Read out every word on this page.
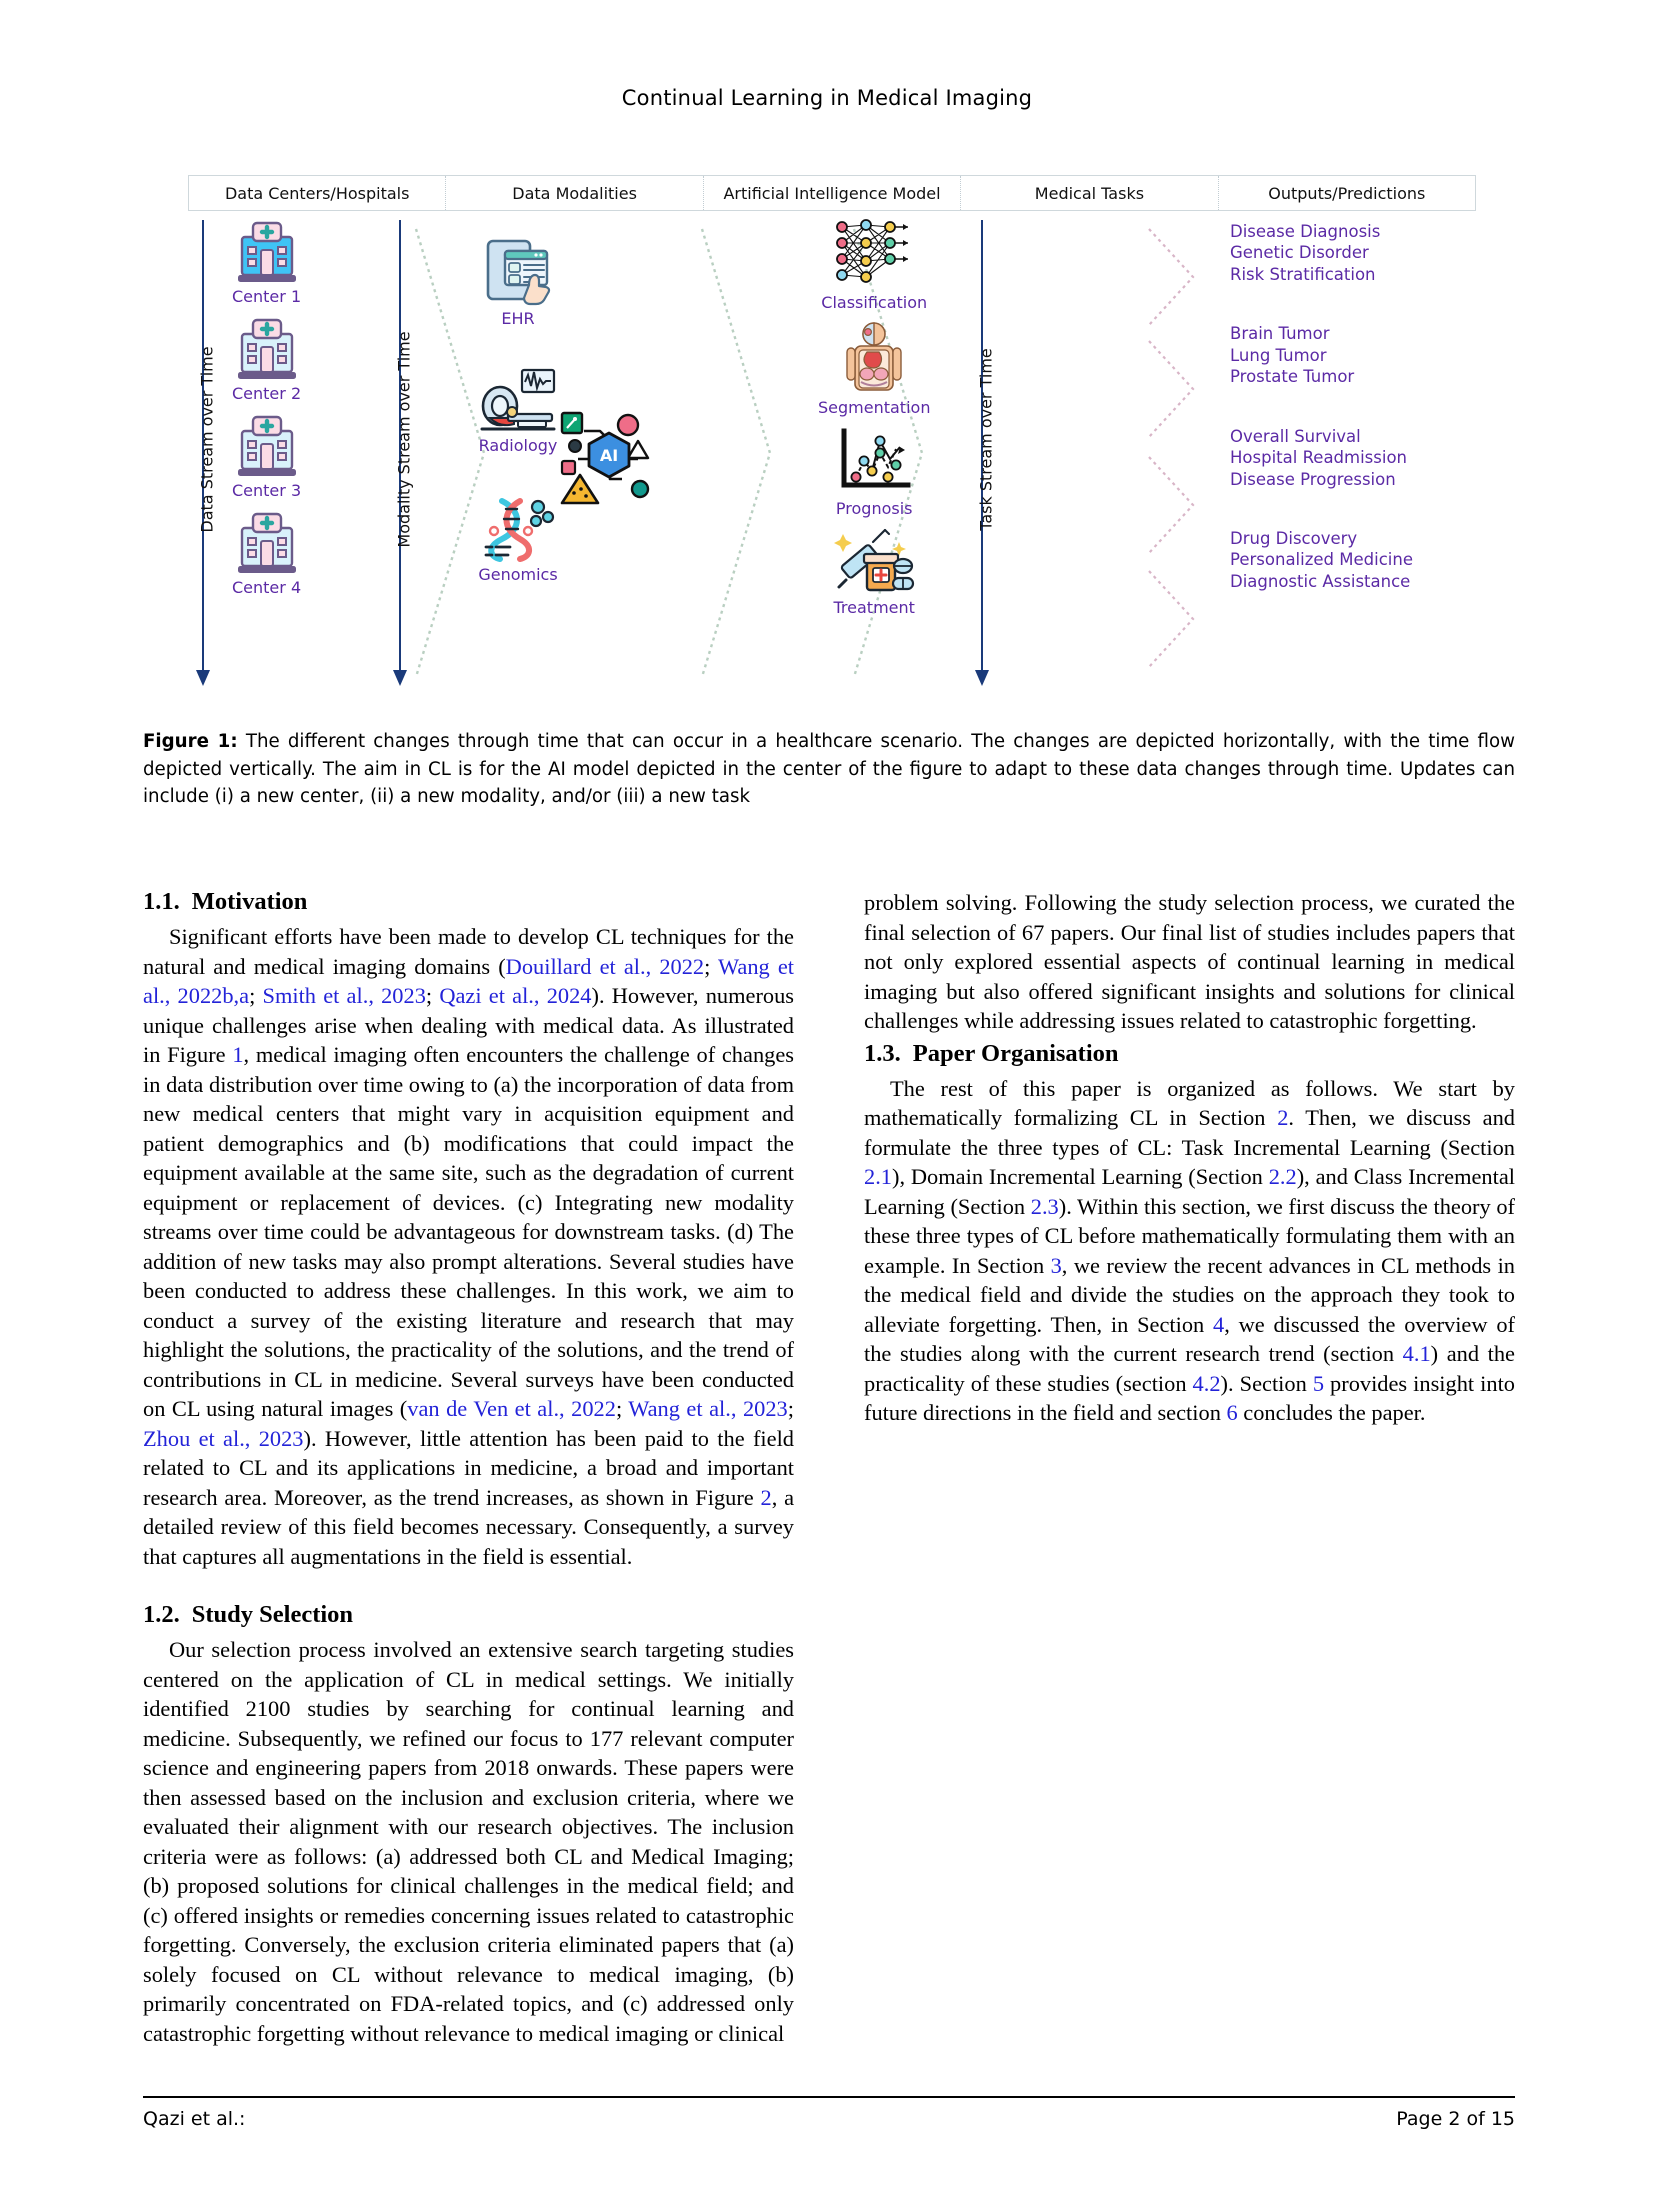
Continual Learning in Medical Imaging
Data Centers/Hospitals	Data Modalities	Artificial Intelligence Model	Medical Tasks	Outputs/Predictions
Data Stream over Time
Center 1
Center 2
Center 3
Center 4
Modality Stream over Time
EHR
Radiology
Genomics
AI	Task Stream over Time
Classification
Segmentation
Prognosis
Treatment
Disease Diagnosis
Genetic Disorder
Risk Stratification
Brain Tumor
Lung Tumor
Prostate Tumor
Overall Survival
Hospital Readmission
Disease Progression
Drug Discovery
Personalized Medicine
Diagnostic Assistance
Figure 1: The different changes through time that can occur in a healthcare scenario. The changes are depicted horizontally, with the time flow depicted vertically. The aim in CL is for the AI model depicted in the center of the figure to adapt to these data changes through time. Updates can include (i) a new center, (ii) a new modality, and/or (iii) a new task
1.1. Motivation

Significant efforts have been made to develop CL techniques for the natural and medical imaging domains (Douillard et al., 2022; Wang et al., 2022b,a; Smith et al., 2023; Qazi et al., 2024). However, numerous unique challenges arise when dealing with medical data. As illustrated in Figure 1, medical imaging often encounters the challenge of changes in data distribution over time owing to (a) the incorporation of data from new medical centers that might vary in acquisition equipment and patient demographics and (b) modifications that could impact the equipment available at the same site, such as the degradation of current equipment or replacement of devices. (c) Integrating new modality streams over time could be advantageous for downstream tasks. (d) The addition of new tasks may also prompt alterations. Several studies have been conducted to address these challenges. In this work, we aim to conduct a survey of the existing literature and research that may highlight the solutions, the practicality of the solutions, and the trend of contributions in CL in medicine. Several surveys have been conducted on CL using natural images (van de Ven et al., 2022; Wang et al., 2023; Zhou et al., 2023). However, little attention has been paid to the field related to CL and its applications in medicine, a broad and important research area. Moreover, as the trend increases, as shown in Figure 2, a detailed review of this field becomes necessary. Consequently, a survey that captures all augmentations in the field is essential.

1.2. Study Selection

Our selection process involved an extensive search targeting studies centered on the application of CL in medical settings. We initially identified 2100 studies by searching for continual learning and medicine. Subsequently, we refined our focus to 177 relevant computer science and engineering papers from 2018 onwards. These papers were then assessed based on the inclusion and exclusion criteria, where we evaluated their alignment with our research objectives. The inclusion criteria were as follows: (a) addressed both CL and Medical Imaging; (b) proposed solutions for clinical challenges in the medical field; and (c) offered insights or remedies concerning issues related to catastrophic forgetting. Conversely, the exclusion criteria eliminated papers that (a) solely focused on CL without relevance to medical imaging, (b) primarily concentrated on FDA-related topics, and (c) addressed only catastrophic forgetting without relevance to medical imaging or clinical

problem solving. Following the study selection process, we curated the final selection of 67 papers. Our final list of studies includes papers that not only explored essential aspects of continual learning in medical imaging but also offered significant insights and solutions for clinical challenges while addressing issues related to catastrophic forgetting.

1.3. Paper Organisation

The rest of this paper is organized as follows. We start by mathematically formalizing CL in Section 2. Then, we discuss and formulate the three types of CL: Task Incremental Learning (Section 2.1), Domain Incremental Learning (Section 2.2), and Class Incremental Learning (Section 2.3). Within this section, we first discuss the theory of these three types of CL before mathematically formulating them with an example. In Section 3, we review the recent advances in CL methods in the medical field and divide the studies on the approach they took to alleviate forgetting. Then, in Section 4, we discussed the overview of the studies along with the current research trend (section 4.1) and the practicality of these studies (section 4.2). Section 5 provides insight into future directions in the field and section 6 concludes the paper.

Qazi et al.:	Page 2 of 15
